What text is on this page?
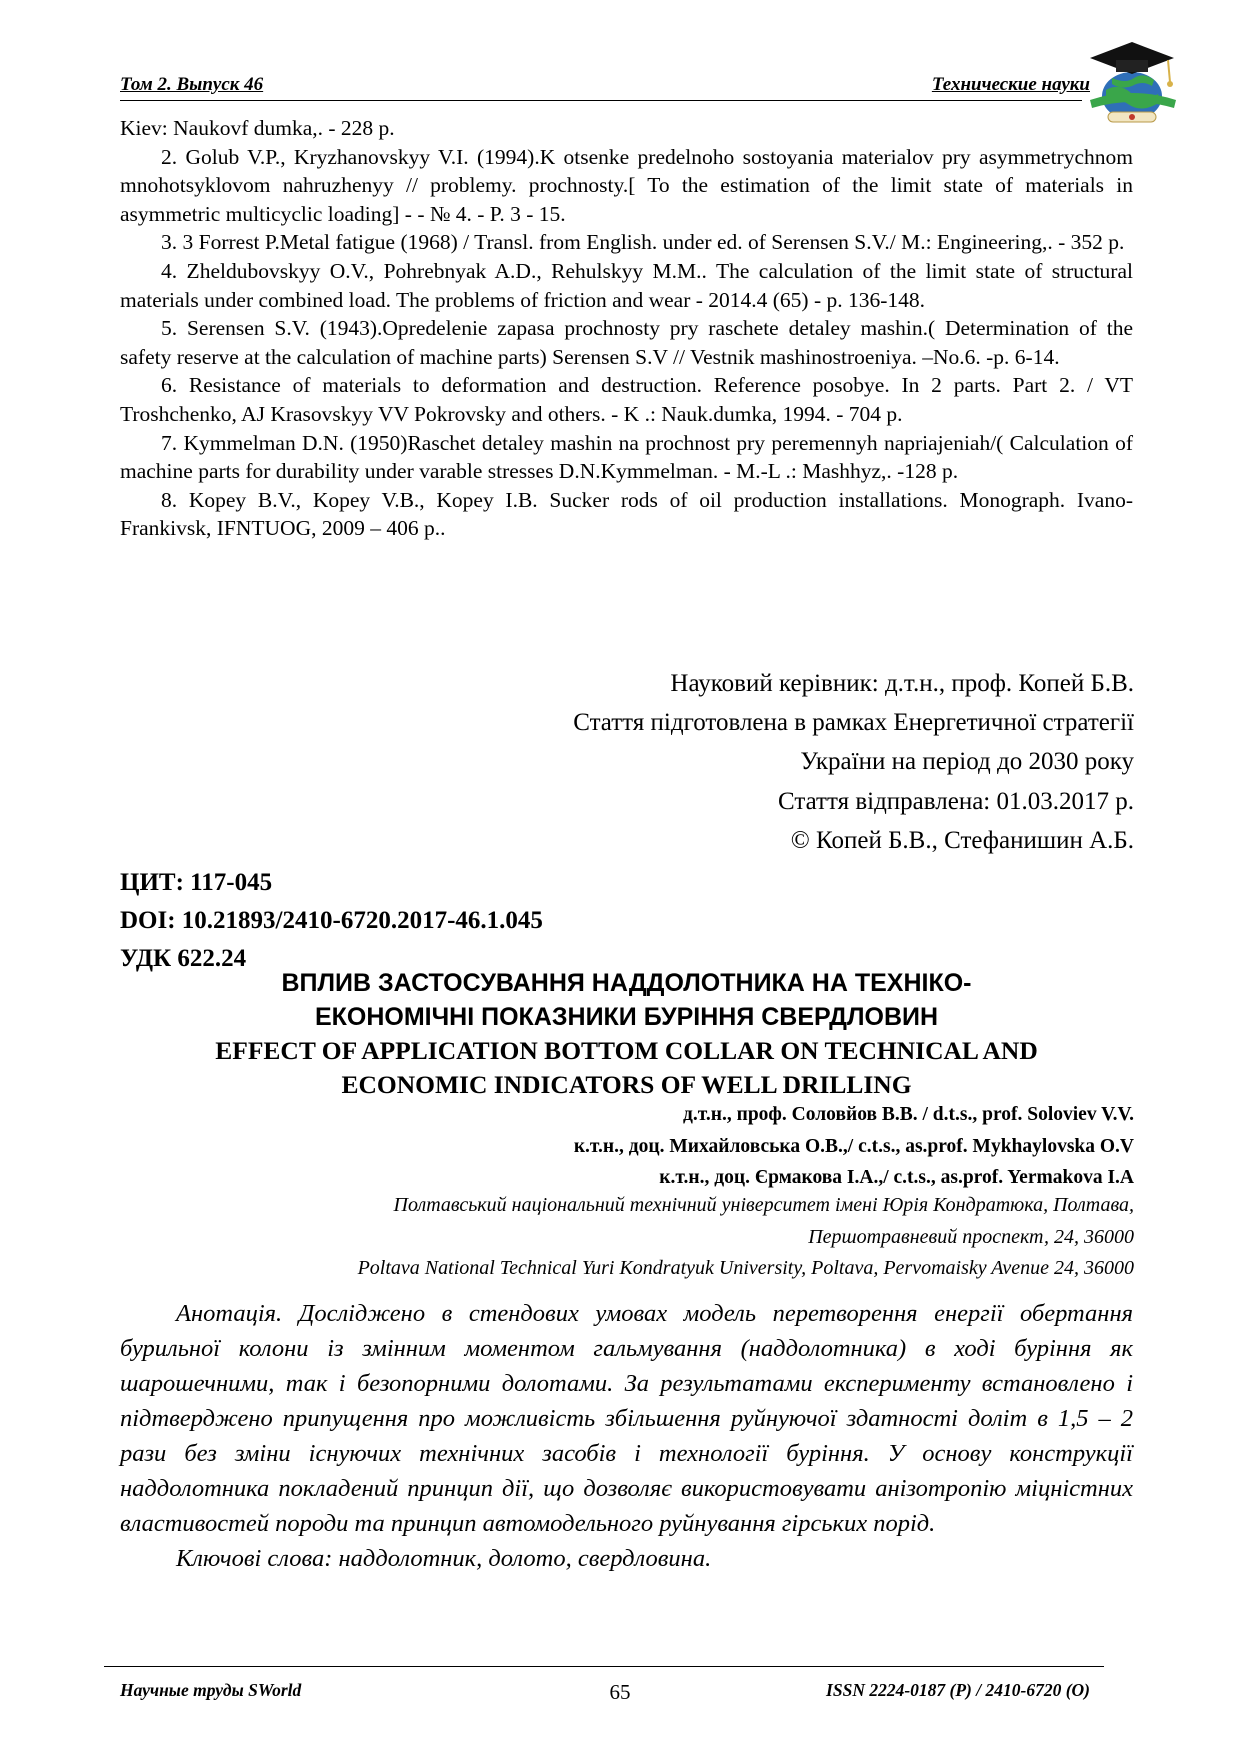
Том 2. Выпуск 46	Технические науки

Kiev: Naukovf dumka,. - 228 p.

2. Golub V.P., Kryzhanovskyy V.I. (1994).K otsenke predelnoho sostoyania materialov pry asymmetrychnom mnohotsyklovom nahruzhenyy // problemy. prochnosty.[ To the estimation of the limit state of materials in asymmetric multicyclic loading] - - № 4. - P. 3 - 15.

3. 3 Forrest P.Metal fatigue (1968) / Transl. from English. under ed. of Serensen S.V./ M.: Engineering,. - 352 p.

4. Zheldubovskyy O.V., Pohrebnyak A.D., Rehulskyy M.M.. The calculation of the limit state of structural materials under combined load. The problems of friction and wear - 2014.4 (65) - p. 136-148.

5. Serensen S.V. (1943).Opredelenie zapasa prochnosty pry raschete detaley mashin.( Determination of the safety reserve at the calculation of machine parts) Serensen S.V // Vestnik mashinostroeniya. –No.6. -p. 6-14.

6. Resistance of materials to deformation and destruction. Reference posobye. In 2 parts. Part 2. / VT Troshchenko, AJ Krasovskyy VV Pokrovsky and others. - K .: Nauk.dumka, 1994. - 704 p.

7. Kymmelman D.N. (1950)Raschet detaley mashin na prochnost pry peremennyh napriajeniah/( Calculation of machine parts for durability under varable stresses D.N.Kymmelman. - M.-L .: Mashhyz,. -128 p.

8. Kopey B.V., Kopey V.B., Kopey I.B. Sucker rods of oil production installations. Monograph. Ivano-Frankivsk, IFNTUOG, 2009 – 406 p..

Науковий керівник: д.т.н., проф. Копей Б.В.
Стаття підготовлена в рамках Енергетичної стратегії
України на період до 2030 року
Стаття відправлена: 01.03.2017 р.
© Копей Б.В., Стефанишин А.Б.
ЦИТ: 117-045
DOI: 10.21893/2410-6720.2017-46.1.045
УДК 622.24
ВПЛИВ ЗАСТОСУВАННЯ НАДДОЛОТНИКА НА ТЕХНІКО-
ЕКОНОМІЧНІ ПОКАЗНИКИ БУРІННЯ СВЕРДЛОВИН
EFFECT OF APPLICATION BOTTOM COLLAR ON TECHNICAL AND
ECONOMIC INDICATORS OF WELL DRILLING
д.т.н., проф. Соловйов В.В. / d.t.s., prof. Soloviev V.V.
к.т.н., доц. Михайловська О.В.,/ c.t.s., as.prof. Mykhaylovska O.V
к.т.н., доц. Єрмакова І.А.,/ c.t.s., as.prof. Yermakova I.A
Полтавський національний технічний університет імені Юрія Кондратюка, Полтава,
Першотравневий проспект, 24, 36000
Poltava National Technical Yuri Kondratyuk University, Poltava, Pervomaisky Avenue 24, 36000

Анотація. Досліджено в стендових умовах модель перетворення енергії обертання бурильної колони із змінним моментом гальмування (наддолотника) в ході буріння як шарошечними, так і безопорними долотами. За результатами експерименту встановлено і підтверджено припущення про можливість збільшення руйнуючої здатності доліт в 1,5 – 2 рази без зміни існуючих технічних засобів і технології буріння. У основу конструкції наддолотника покладений принцип дії, що дозволяє використовувати анізотропію міцністних властивостей породи та принцип автомодельного руйнування гірських порід.

Ключові слова: наддолотник, долото, свердловина.

Научные труды SWorld	65	ISSN 2224-0187 (P) / 2410-6720 (O)
